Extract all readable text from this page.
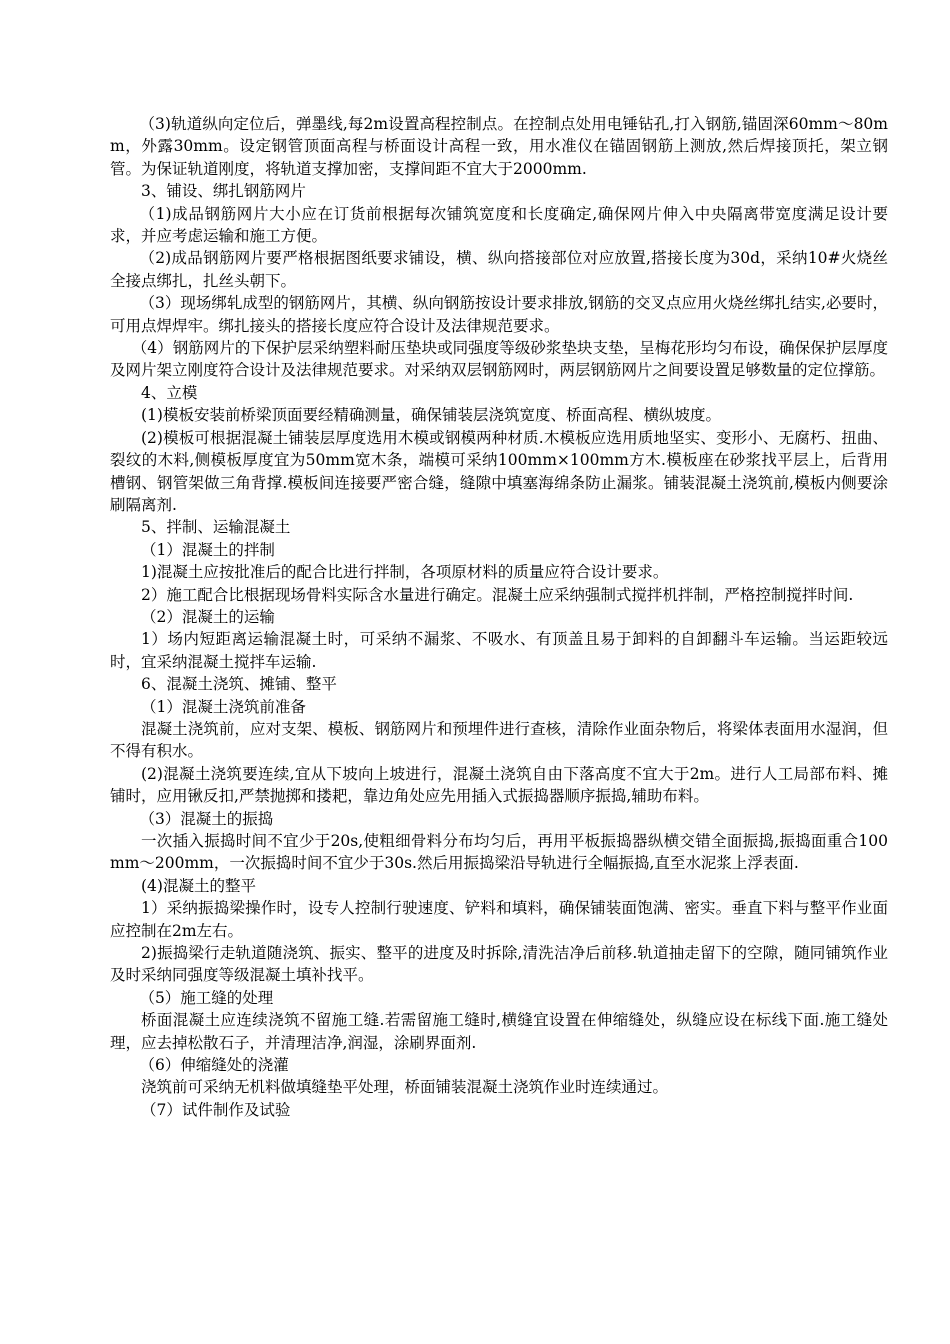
（3)轨道纵向定位后，弹墨线,每2m设置高程控制点。在控制点处用电锤钻孔,打入钢筋,锚固深60mm～80mm，外露30mm。设定钢管顶面高程与桥面设计高程一致，用水准仪在锚固钢筋上测放,然后焊接顶托，架立钢管。为保证轨道刚度，将轨道支撑加密，支撑间距不宜大于2000mm.

3、铺设、绑扎钢筋网片

（1)成品钢筋网片大小应在订货前根据每次铺筑宽度和长度确定,确保网片伸入中央隔离带宽度满足设计要求，并应考虑运输和施工方便。

（2)成品钢筋网片要严格根据图纸要求铺设，横、纵向搭接部位对应放置,搭接长度为30d，采纳10#火烧丝全接点绑扎，扎丝头朝下。

（3）现场绑轧成型的钢筋网片，其横、纵向钢筋按设计要求排放,钢筋的交叉点应用火烧丝绑扎结实,必要时，可用点焊焊牢。绑扎接头的搭接长度应符合设计及法律规范要求。

（4）钢筋网片的下保护层采纳塑料耐压垫块或同强度等级砂浆垫块支垫，呈梅花形均匀布设，确保保护层厚度及网片架立刚度符合设计及法律规范要求。对采纳双层钢筋网时，两层钢筋网片之间要设置足够数量的定位撑筋。

4、立模

(1)模板安装前桥梁顶面要经精确测量，确保铺装层浇筑宽度、桥面高程、横纵坡度。

(2)模板可根据混凝土铺装层厚度选用木模或钢模两种材质.木模板应选用质地坚实、变形小、无腐朽、扭曲、裂纹的木料,侧模板厚度宜为50mm宽木条，端模可采纳100mm×100mm方木.模板座在砂浆找平层上，后背用槽钢、钢管架做三角背撑.模板间连接要严密合缝，缝隙中填塞海绵条防止漏浆。铺装混凝土浇筑前,模板内侧要涂刷隔离剂.

5、拌制、运输混凝土

（1）混凝土的拌制

1)混凝土应按批准后的配合比进行拌制，各项原材料的质量应符合设计要求。

2）施工配合比根据现场骨料实际含水量进行确定。混凝土应采纳强制式搅拌机拌制，严格控制搅拌时间.

（2）混凝土的运输

1）场内短距离运输混凝土时，可采纳不漏浆、不吸水、有顶盖且易于卸料的自卸翻斗车运输。当运距较远时，宜采纳混凝土搅拌车运输.

6、混凝土浇筑、摊铺、整平

（1）混凝土浇筑前准备

混凝土浇筑前，应对支架、模板、钢筋网片和预埋件进行查核，清除作业面杂物后，将梁体表面用水湿润，但不得有积水。

(2)混凝土浇筑要连续,宜从下坡向上坡进行，混凝土浇筑自由下落高度不宜大于2m。进行人工局部布料、摊铺时，应用锹反扣,严禁抛掷和搂耙，靠边角处应先用插入式振捣器顺序振捣,辅助布料。

（3）混凝土的振捣

一次插入振捣时间不宜少于20s,使粗细骨料分布均匀后，再用平板振捣器纵横交错全面振捣,振捣面重合100mm～200mm，一次振捣时间不宜少于30s.然后用振捣梁沿导轨进行全幅振捣,直至水泥浆上浮表面.

(4)混凝土的整平

1）采纳振捣梁操作时，设专人控制行驶速度、铲料和填料，确保铺装面饱满、密实。垂直下料与整平作业面应控制在2m左右。

2)振捣梁行走轨道随浇筑、振实、整平的进度及时拆除,清洗洁净后前移.轨道抽走留下的空隙，随同铺筑作业及时采纳同强度等级混凝土填补找平。

（5）施工缝的处理

桥面混凝土应连续浇筑不留施工缝.若需留施工缝时,横缝宜设置在伸缩缝处，纵缝应设在标线下面.施工缝处理，应去掉松散石子，并清理洁净,润湿，涂刷界面剂.

（6）伸缩缝处的浇灌

浇筑前可采纳无机料做填缝垫平处理，桥面铺装混凝土浇筑作业时连续通过。

（7）试件制作及试验
